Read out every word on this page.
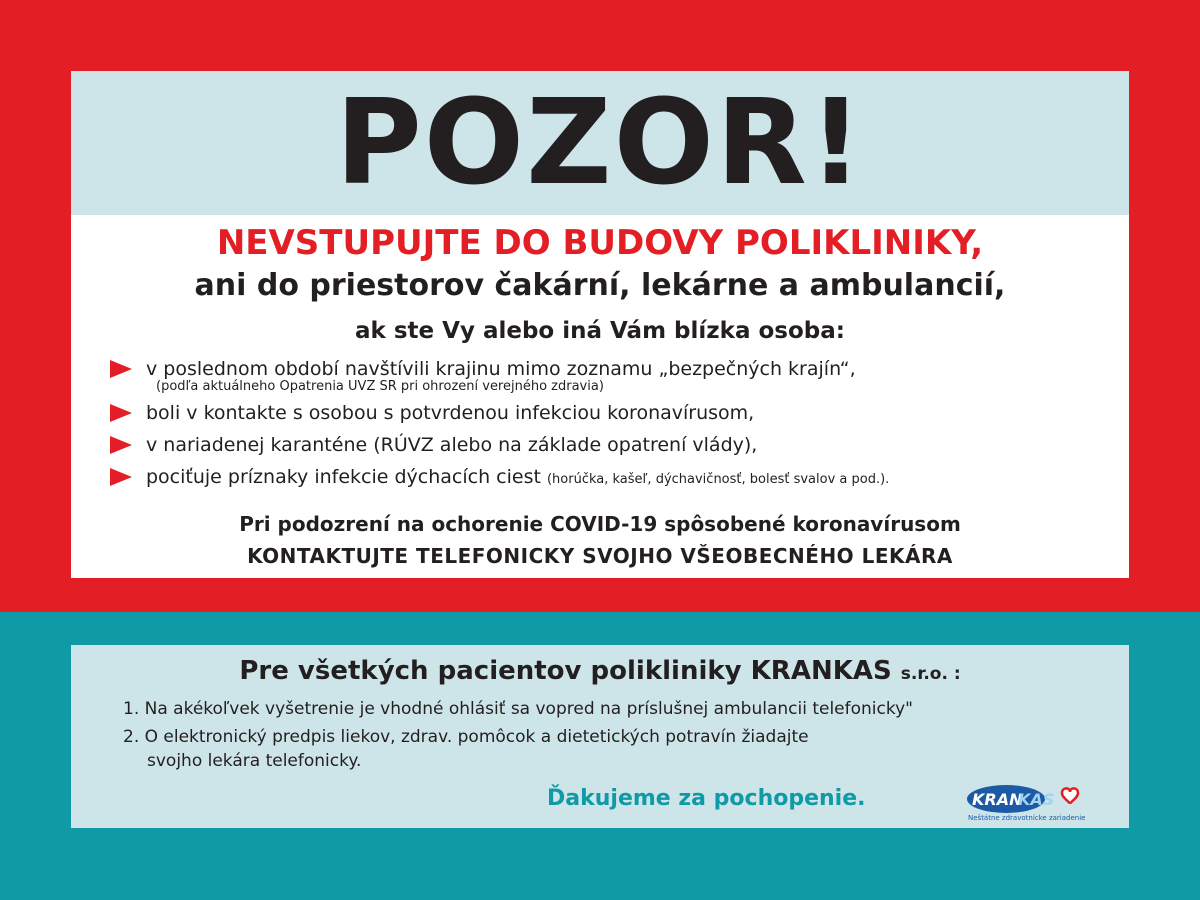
POZOR!
NEVSTUPUJTE DO BUDOVY POLIKLINIKY,
ani do priestorov čakární, lekárne a ambulancií,
ak ste Vy alebo iná Vám blízka osoba:
v poslednom období navštívili krajinu mimo zoznamu „bezpečných krajín“,
(podľa aktuálneho Opatrenia UVZ SR pri ohrození verejného zdravia)
boli v kontakte s osobou s potvrdenou infekciou koronavírusom,
v nariadenej karanténe (RÚVZ alebo na základe opatrení vlády),
pociťuje príznaky infekcie dýchacích ciest (horúčka, kašeľ, dýchavičnosť, bolesť svalov a pod.).
Pri podozrení na ochorenie COVID-19 spôsobené koronavírusom
KONTAKTUJTE TELEFONICKY SVOJHO VŠEOBECNÉHO LEKÁRA
Pre všetkých pacientov polikliniky KRANKAS s.r.o. :
1. Na akékoľvek vyšetrenie je vhodné ohlásiť sa vopred na príslušnej ambulancii telefonicky"
2. O elektronický predpis liekov, zdrav. pomôcok a dietetických potravín žiadajte
svojho lekára telefonicky.
Ďakujeme za pochopenie.	KRAN
KAS
Neštátne zdravotnícke zariadenie
